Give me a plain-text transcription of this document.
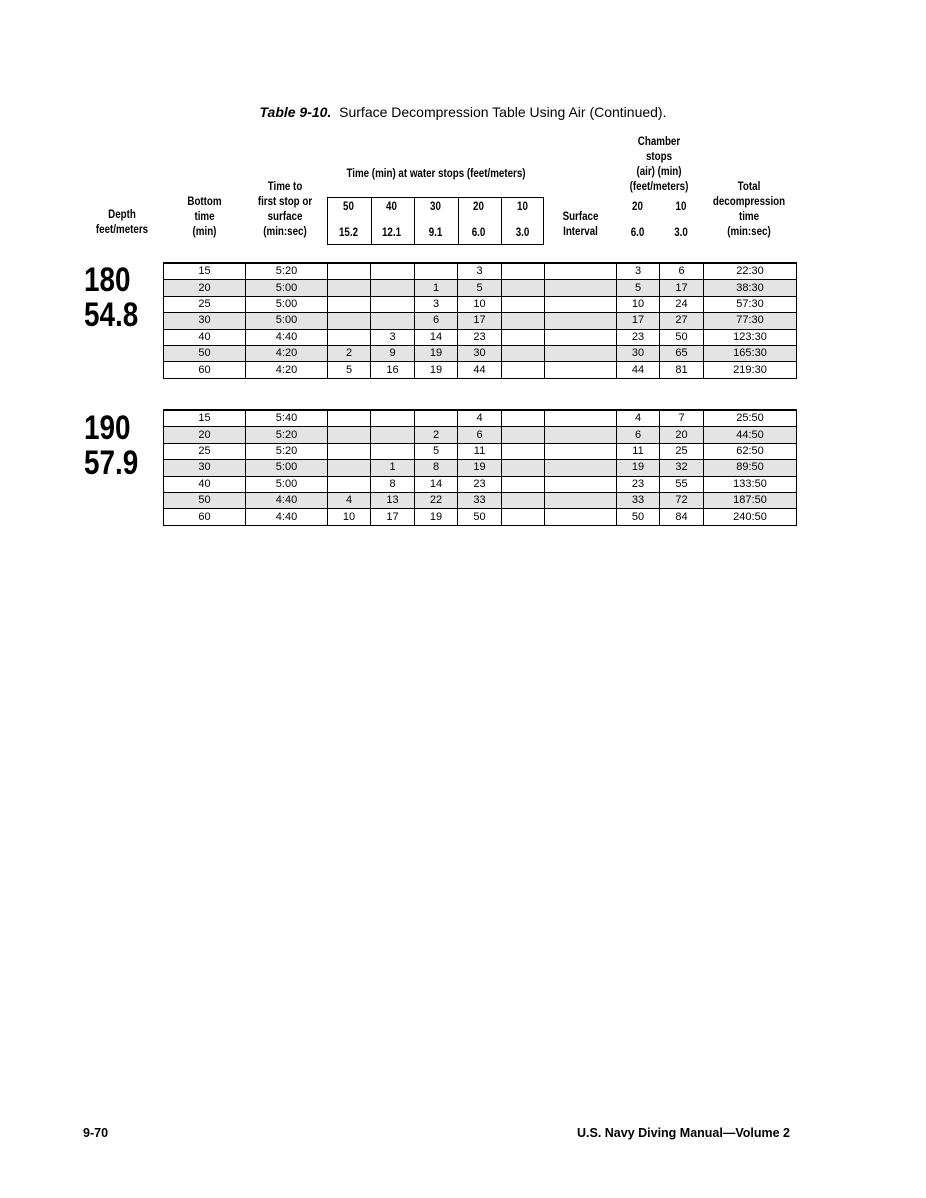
Table 9-10. Surface Decompression Table Using Air (Continued).
Depth
feet/meters
Bottom
time
(min)
Time to
first stop or
surface
(min:sec)
Time (min) at water stops (feet/meters)
50	40	30	20	10
15.2	12.1	9.1	6.0	3.0
Surface
Interval
Chamber
stops
(air) (min)
(feet/meters)
20	10
6.0	3.0
Total
decompression
time
(min:sec)
180
54.8
15	5:20				3			3	6	22:30
20	5:00			1	5			5	17	38:30
25	5:00			3	10			10	24	57:30
30	5:00			6	17			17	27	77:30
40	4:40		3	14	23			23	50	123:30
50	4:20	2	9	19	30			30	65	165:30
60	4:20	5	16	19	44			44	81	219:30
190
57.9
15	5:40				4			4	7	25:50
20	5:20			2	6			6	20	44:50
25	5:20			5	11			11	25	62:50
30	5:00		1	8	19			19	32	89:50
40	5:00		8	14	23			23	55	133:50
50	4:40	4	13	22	33			33	72	187:50
60	4:40	10	17	19	50			50	84	240:50
9-70	U.S. Navy Diving Manual—Volume 2
